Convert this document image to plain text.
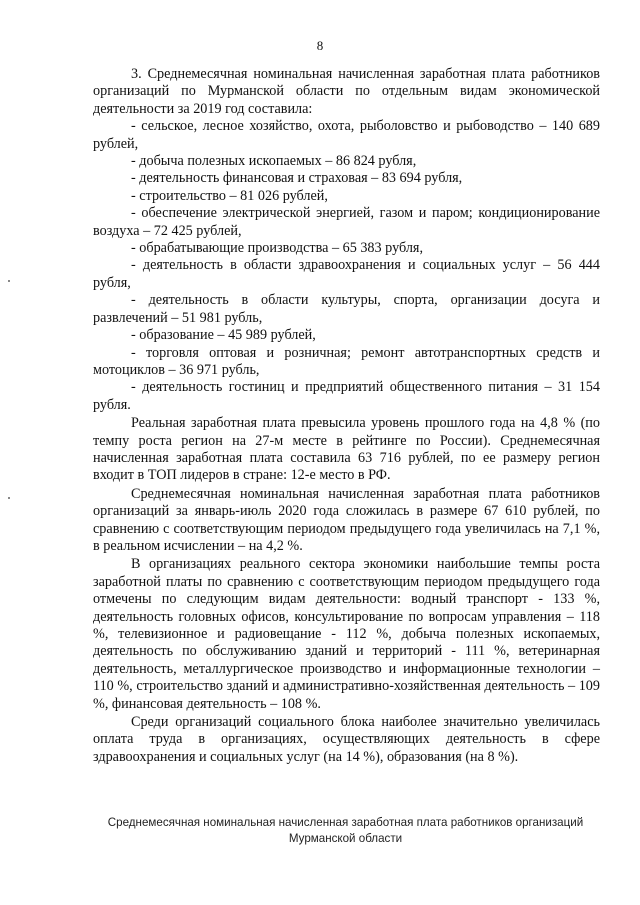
8

3. Среднемесячная номинальная начисленная заработная плата работников организаций по Мурманской области по отдельным видам экономической деятельности за 2019 год составила:

- сельское, лесное хозяйство, охота, рыболовство и рыбоводство – 140 689 рублей,

- добыча полезных ископаемых – 86 824 рубля,

- деятельность финансовая и страховая – 83 694 рубля,

- строительство – 81 026 рублей,

- обеспечение электрической энергией, газом и паром; кондиционирование воздуха – 72 425 рублей,

- обрабатывающие производства – 65 383 рубля,

- деятельность в области здравоохранения и социальных услуг – 56 444 рубля,

- деятельность в области культуры, спорта, организации досуга и развлечений – 51 981 рубль,

- образование – 45 989 рублей,

- торговля оптовая и розничная; ремонт автотранспортных средств и мотоциклов – 36 971 рубль,

- деятельность гостиниц и предприятий общественного питания – 31 154 рубля.

Реальная заработная плата превысила уровень прошлого года на 4,8 % (по темпу роста регион на 27-м месте в рейтинге по России). Среднемесячная начисленная заработная плата составила 63 716 рублей, по ее размеру регион входит в ТОП лидеров в стране: 12-е место в РФ.

Среднемесячная номинальная начисленная заработная плата работников организаций за январь-июль 2020 года сложилась в размере 67 610 рублей, по сравнению с соответствующим периодом предыдущего года увеличилась на 7,1 %, в реальном исчислении – на 4,2 %.

В организациях реального сектора экономики наибольшие темпы роста заработной платы по сравнению с соответствующим периодом предыдущего года отмечены по следующим видам деятельности: водный транспорт - 133 %, деятельность головных офисов, консультирование по вопросам управления – 118 %, телевизионное и радиовещание - 112 %, добыча полезных ископаемых, деятельность по обслуживанию зданий и территорий - 111 %, ветеринарная деятельность, металлургическое производство и информационные технологии – 110 %, строительство зданий и административно-хозяйственная деятельность – 109 %, финансовая деятельность – 108 %.

Среди организаций социального блока наиболее значительно увеличилась оплата труда в организациях, осуществляющих деятельность в сфере здравоохранения и социальных услуг (на 14 %), образования (на 8 %).

Среднемесячная номинальная начисленная заработная плата работников организаций Мурманской области
